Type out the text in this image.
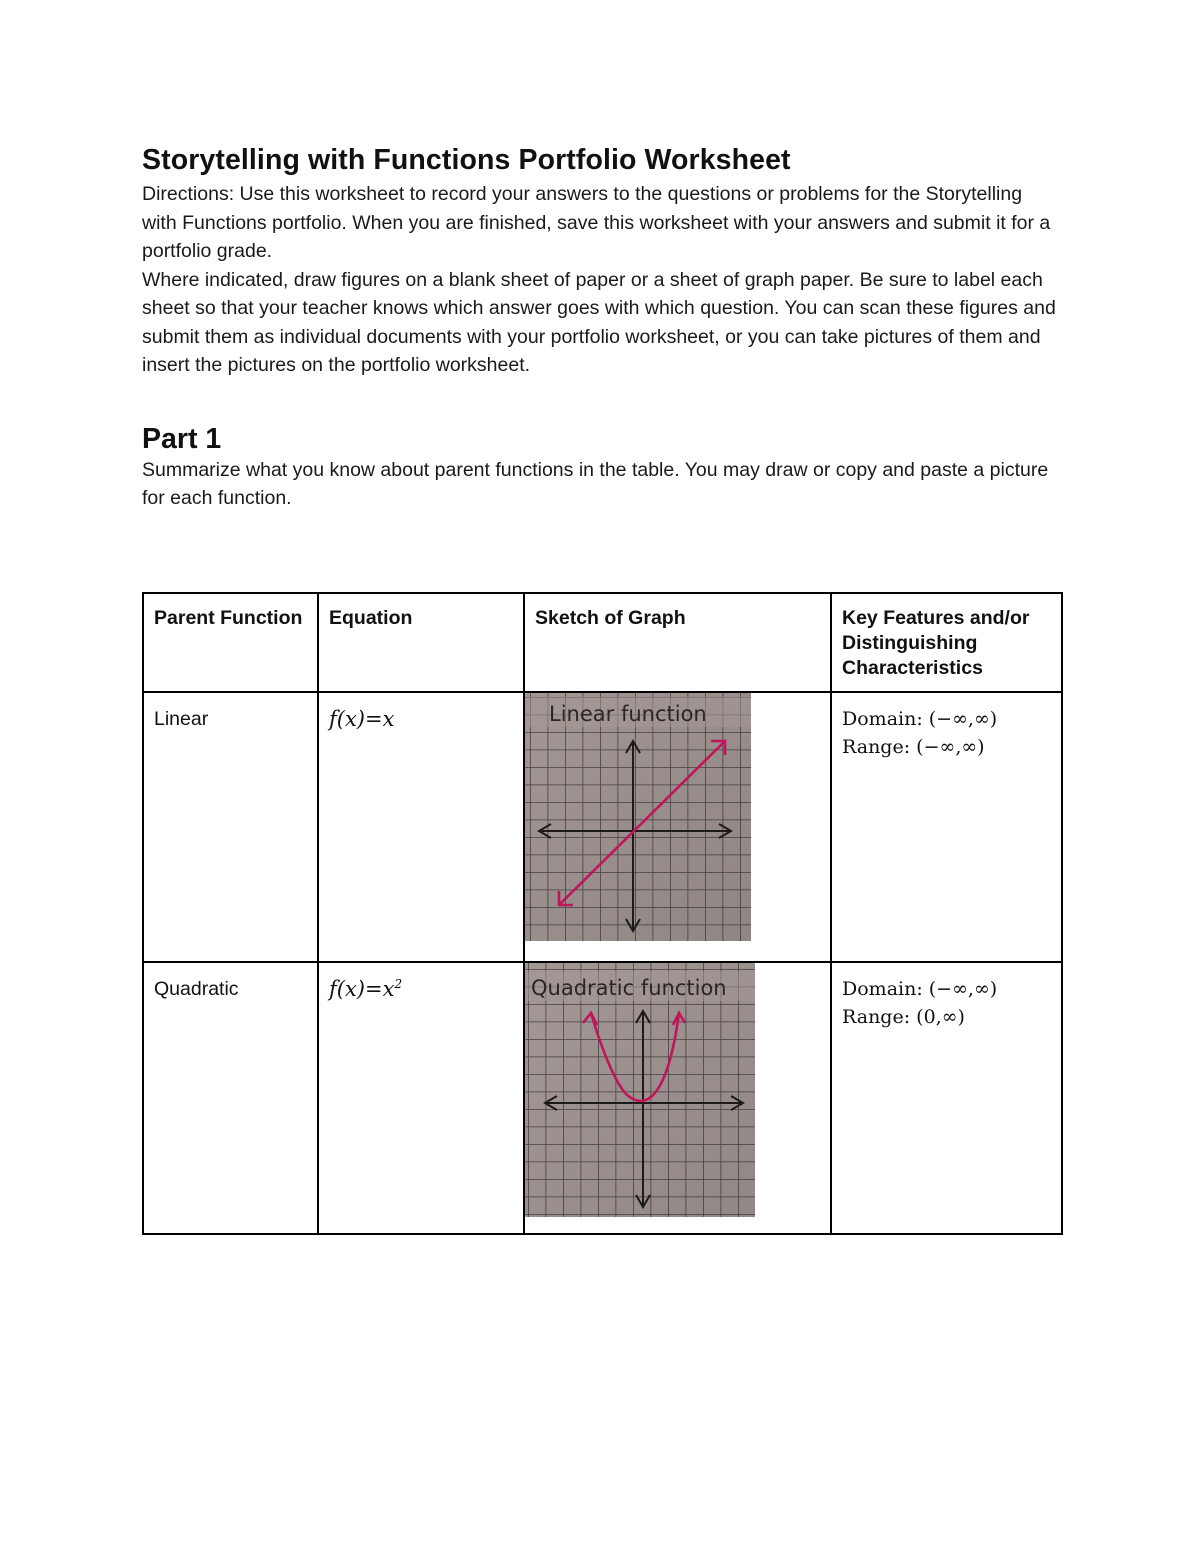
Storytelling with Functions Portfolio Worksheet

Directions: Use this worksheet to record your answers to the questions or problems for the Storytelling with Functions portfolio. When you are finished, save this worksheet with your answers and submit it for a portfolio grade.

Where indicated, draw figures on a blank sheet of paper or a sheet of graph paper. Be sure to label each sheet so that your teacher knows which answer goes with which question. You can scan these figures and submit them as individual documents with your portfolio worksheet, or you can take pictures of them and insert the pictures on the portfolio worksheet.

Part 1

Summarize what you know about parent functions in the table. You may draw or copy and paste a picture for each function.

Parent Function	Equation	Sketch of Graph	Key Features and/or Distinguishing Characteristics

Linear	f(x)=x	Linear function	Domain: (−∞,∞)
Range: (−∞,∞)

Quadratic	$f(x)=x^2$	Quadratic function	Domain: (−∞,∞)
Range: (0,∞)
